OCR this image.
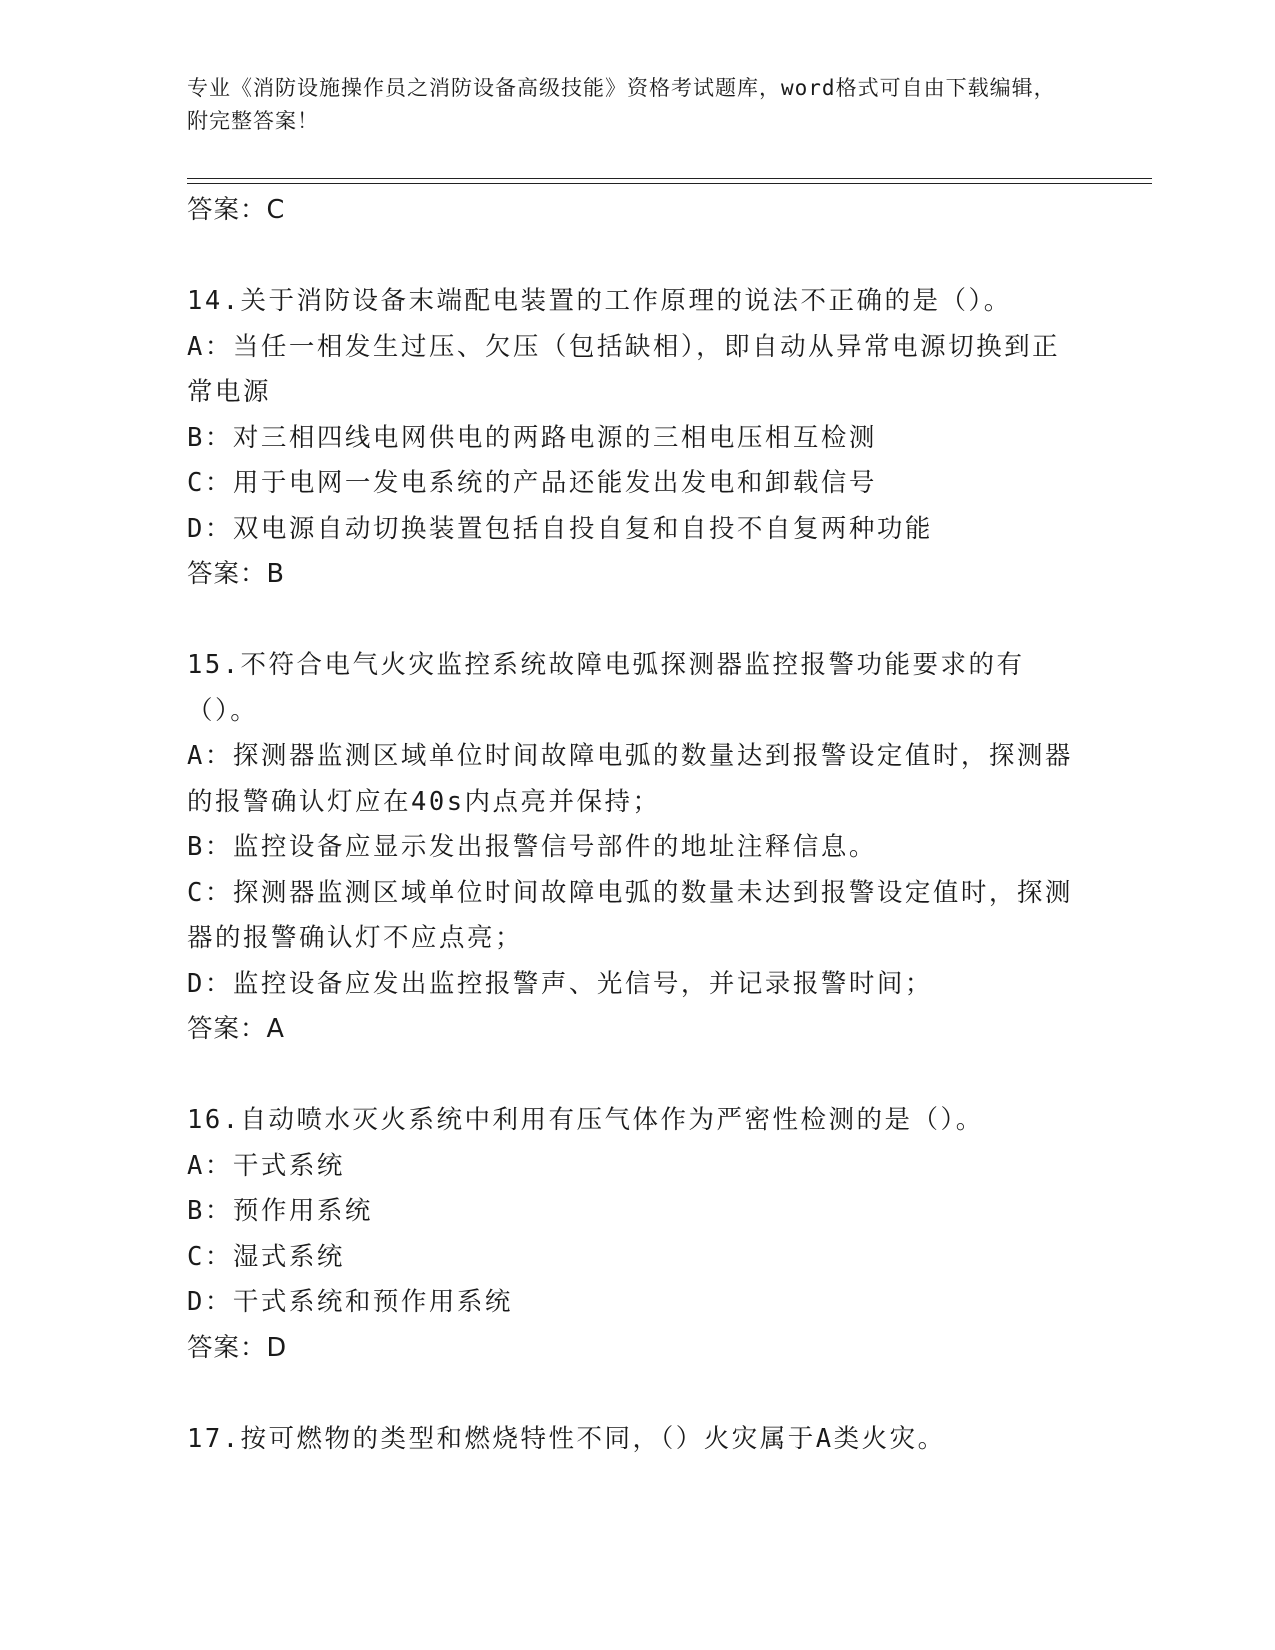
专业《消防设施操作员之消防设备高级技能》资格考试题库，word格式可自由下载编辑，附完整答案！
答案：C
14.关于消防设备末端配电装置的工作原理的说法不正确的是（）。
A：当任一相发生过压、欠压（包括缺相），即自动从异常电源切换到正常电源
B：对三相四线电网供电的两路电源的三相电压相互检测
C：用于电网一发电系统的产品还能发出发电和卸载信号
D：双电源自动切换装置包括自投自复和自投不自复两种功能
答案：B
15.不符合电气火灾监控系统故障电弧探测器监控报警功能要求的有（）。
A：探测器监测区域单位时间故障电弧的数量达到报警设定值时，探测器的报警确认灯应在40s内点亮并保持；
B：监控设备应显示发出报警信号部件的地址注释信息。
C：探测器监测区域单位时间故障电弧的数量未达到报警设定值时，探测器的报警确认灯不应点亮；
D：监控设备应发出监控报警声、光信号，并记录报警时间；
答案：A
16.自动喷水灭火系统中利用有压气体作为严密性检测的是（）。
A：干式系统
B：预作用系统
C：湿式系统
D：干式系统和预作用系统
答案：D
17.按可燃物的类型和燃烧特性不同，（）火灾属于A类火灾。
